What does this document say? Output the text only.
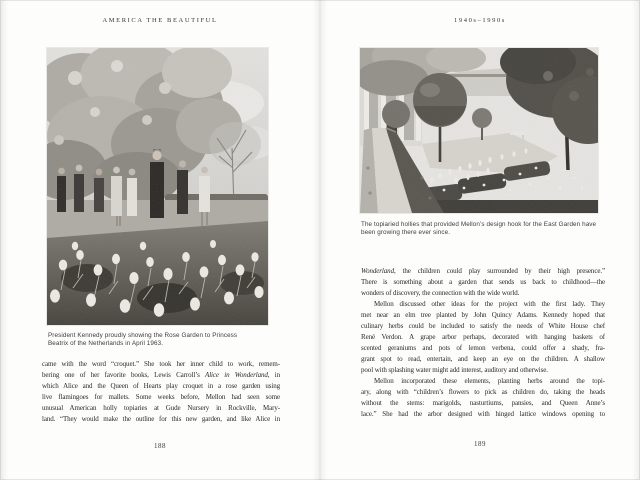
AMERICA THE BEAUTIFUL	1940s–1990s
President Kennedy proudly showing the Rose Garden to Princess
Beatrix of the Netherlands in April 1963.
The topiaried hollies that provided Mellon’s design hook for the East Garden have
been growing there ever since.
came with the word “croquet.” She took her inner child to work, remem-
bering one of her favorite books, Lewis Carroll’s Alice in Wonderland, in
which Alice and the Queen of Hearts play croquet in a rose garden using
live flamingoes for mallets. Some weeks before, Mellon had seen some
unusual American holly topiaries at Gude Nursery in Rockville, Mary-
land. “They would make the outline for this new garden, and like Alice in
Wonderland, the children could play surrounded by their high presence.”
There is something about a garden that sends us back to childhood—the
wonders of discovery, the connection with the wide world.
Mellon discussed other ideas for the project with the first lady. They
met near an elm tree planted by John Quincy Adams. Kennedy hoped that
culinary herbs could be included to satisfy the needs of White House chef
René Verdon. A grape arbor perhaps, decorated with hanging baskets of
scented geraniums and pots of lemon verbena, could offer a shady, fra-
grant spot to read, entertain, and keep an eye on the children. A shallow
pool with splashing water might add interest, auditory and otherwise.
Mellon incorporated these elements, planting herbs around the topi-
ary, along with “children’s flowers to pick as children do, taking the heads
without the stems: marigolds, nasturtiums, pansies, and Queen Anne’s
lace.” She had the arbor designed with hinged lattice windows opening to
188	189
